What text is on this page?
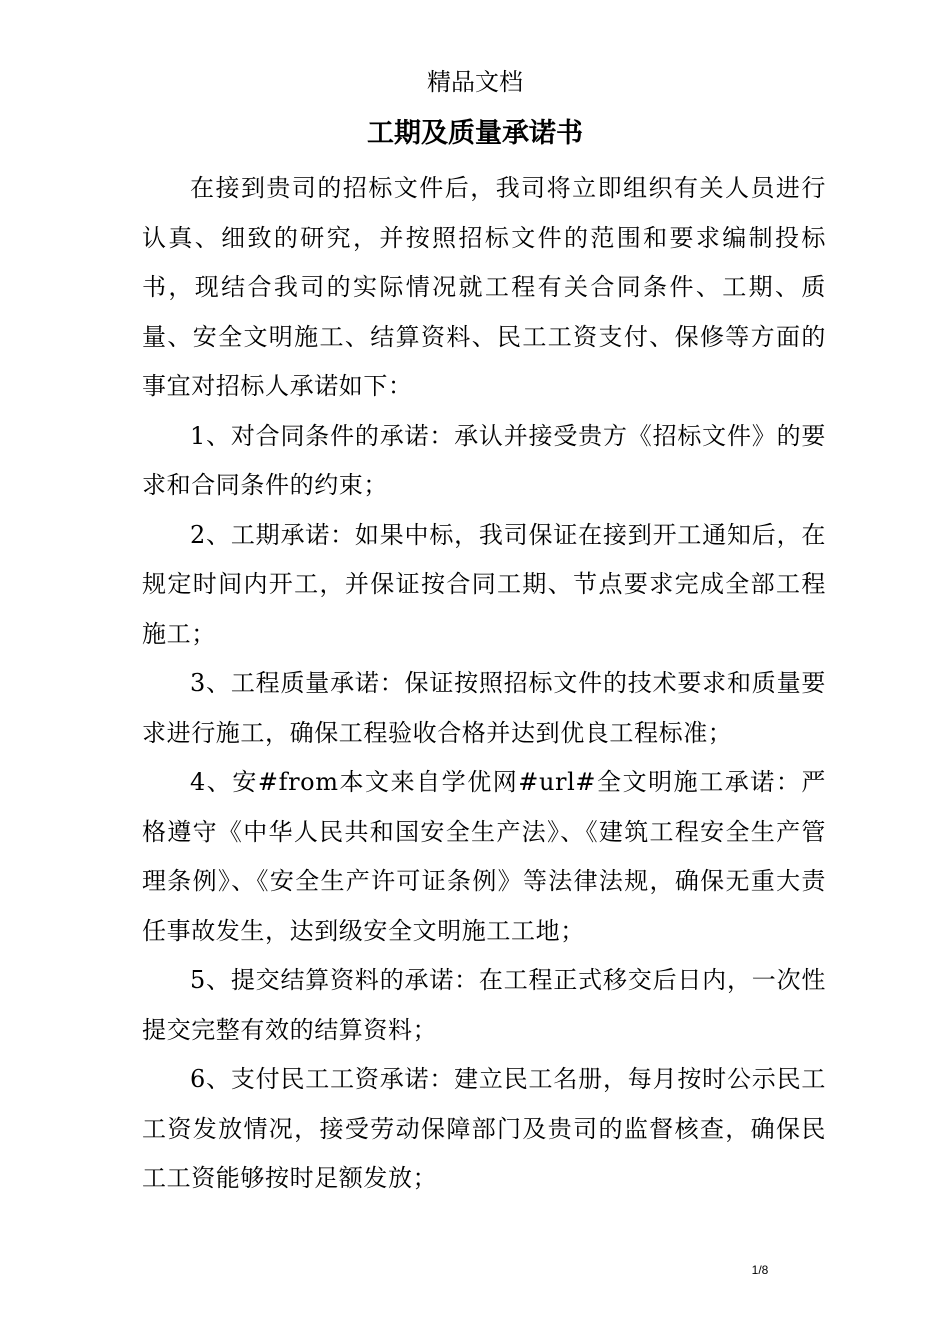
精品文档
工期及质量承诺书

在接到贵司的招标文件后，我司将立即组织有关人员进行认真、细致的研究，并按照招标文件的范围和要求编制投标书，现结合我司的实际情况就工程有关合同条件、工期、质量、安全文明施工、结算资料、民工工资支付、保修等方面的事宜对招标人承诺如下：

1、对合同条件的承诺：承认并接受贵方《招标文件》的要求和合同条件的约束；

2、工期承诺：如果中标，我司保证在接到开工通知后，在规定时间内开工，并保证按合同工期、节点要求完成全部工程施工；

3、工程质量承诺：保证按照招标文件的技术要求和质量要求进行施工，确保工程验收合格并达到优良工程标准；

4、安#from本文来自学优网#url#全文明施工承诺：严格遵守《中华人民共和国安全生产法》、《建筑工程安全生产管理条例》、《安全生产许可证条例》等法律法规，确保无重大责任事故发生，达到级安全文明施工工地；

5、提交结算资料的承诺：在工程正式移交后日内，一次性提交完整有效的结算资料；

6、支付民工工资承诺：建立民工名册，每月按时公示民工工资发放情况，接受劳动保障部门及贵司的监督核查，确保民工工资能够按时足额发放；

1/8
